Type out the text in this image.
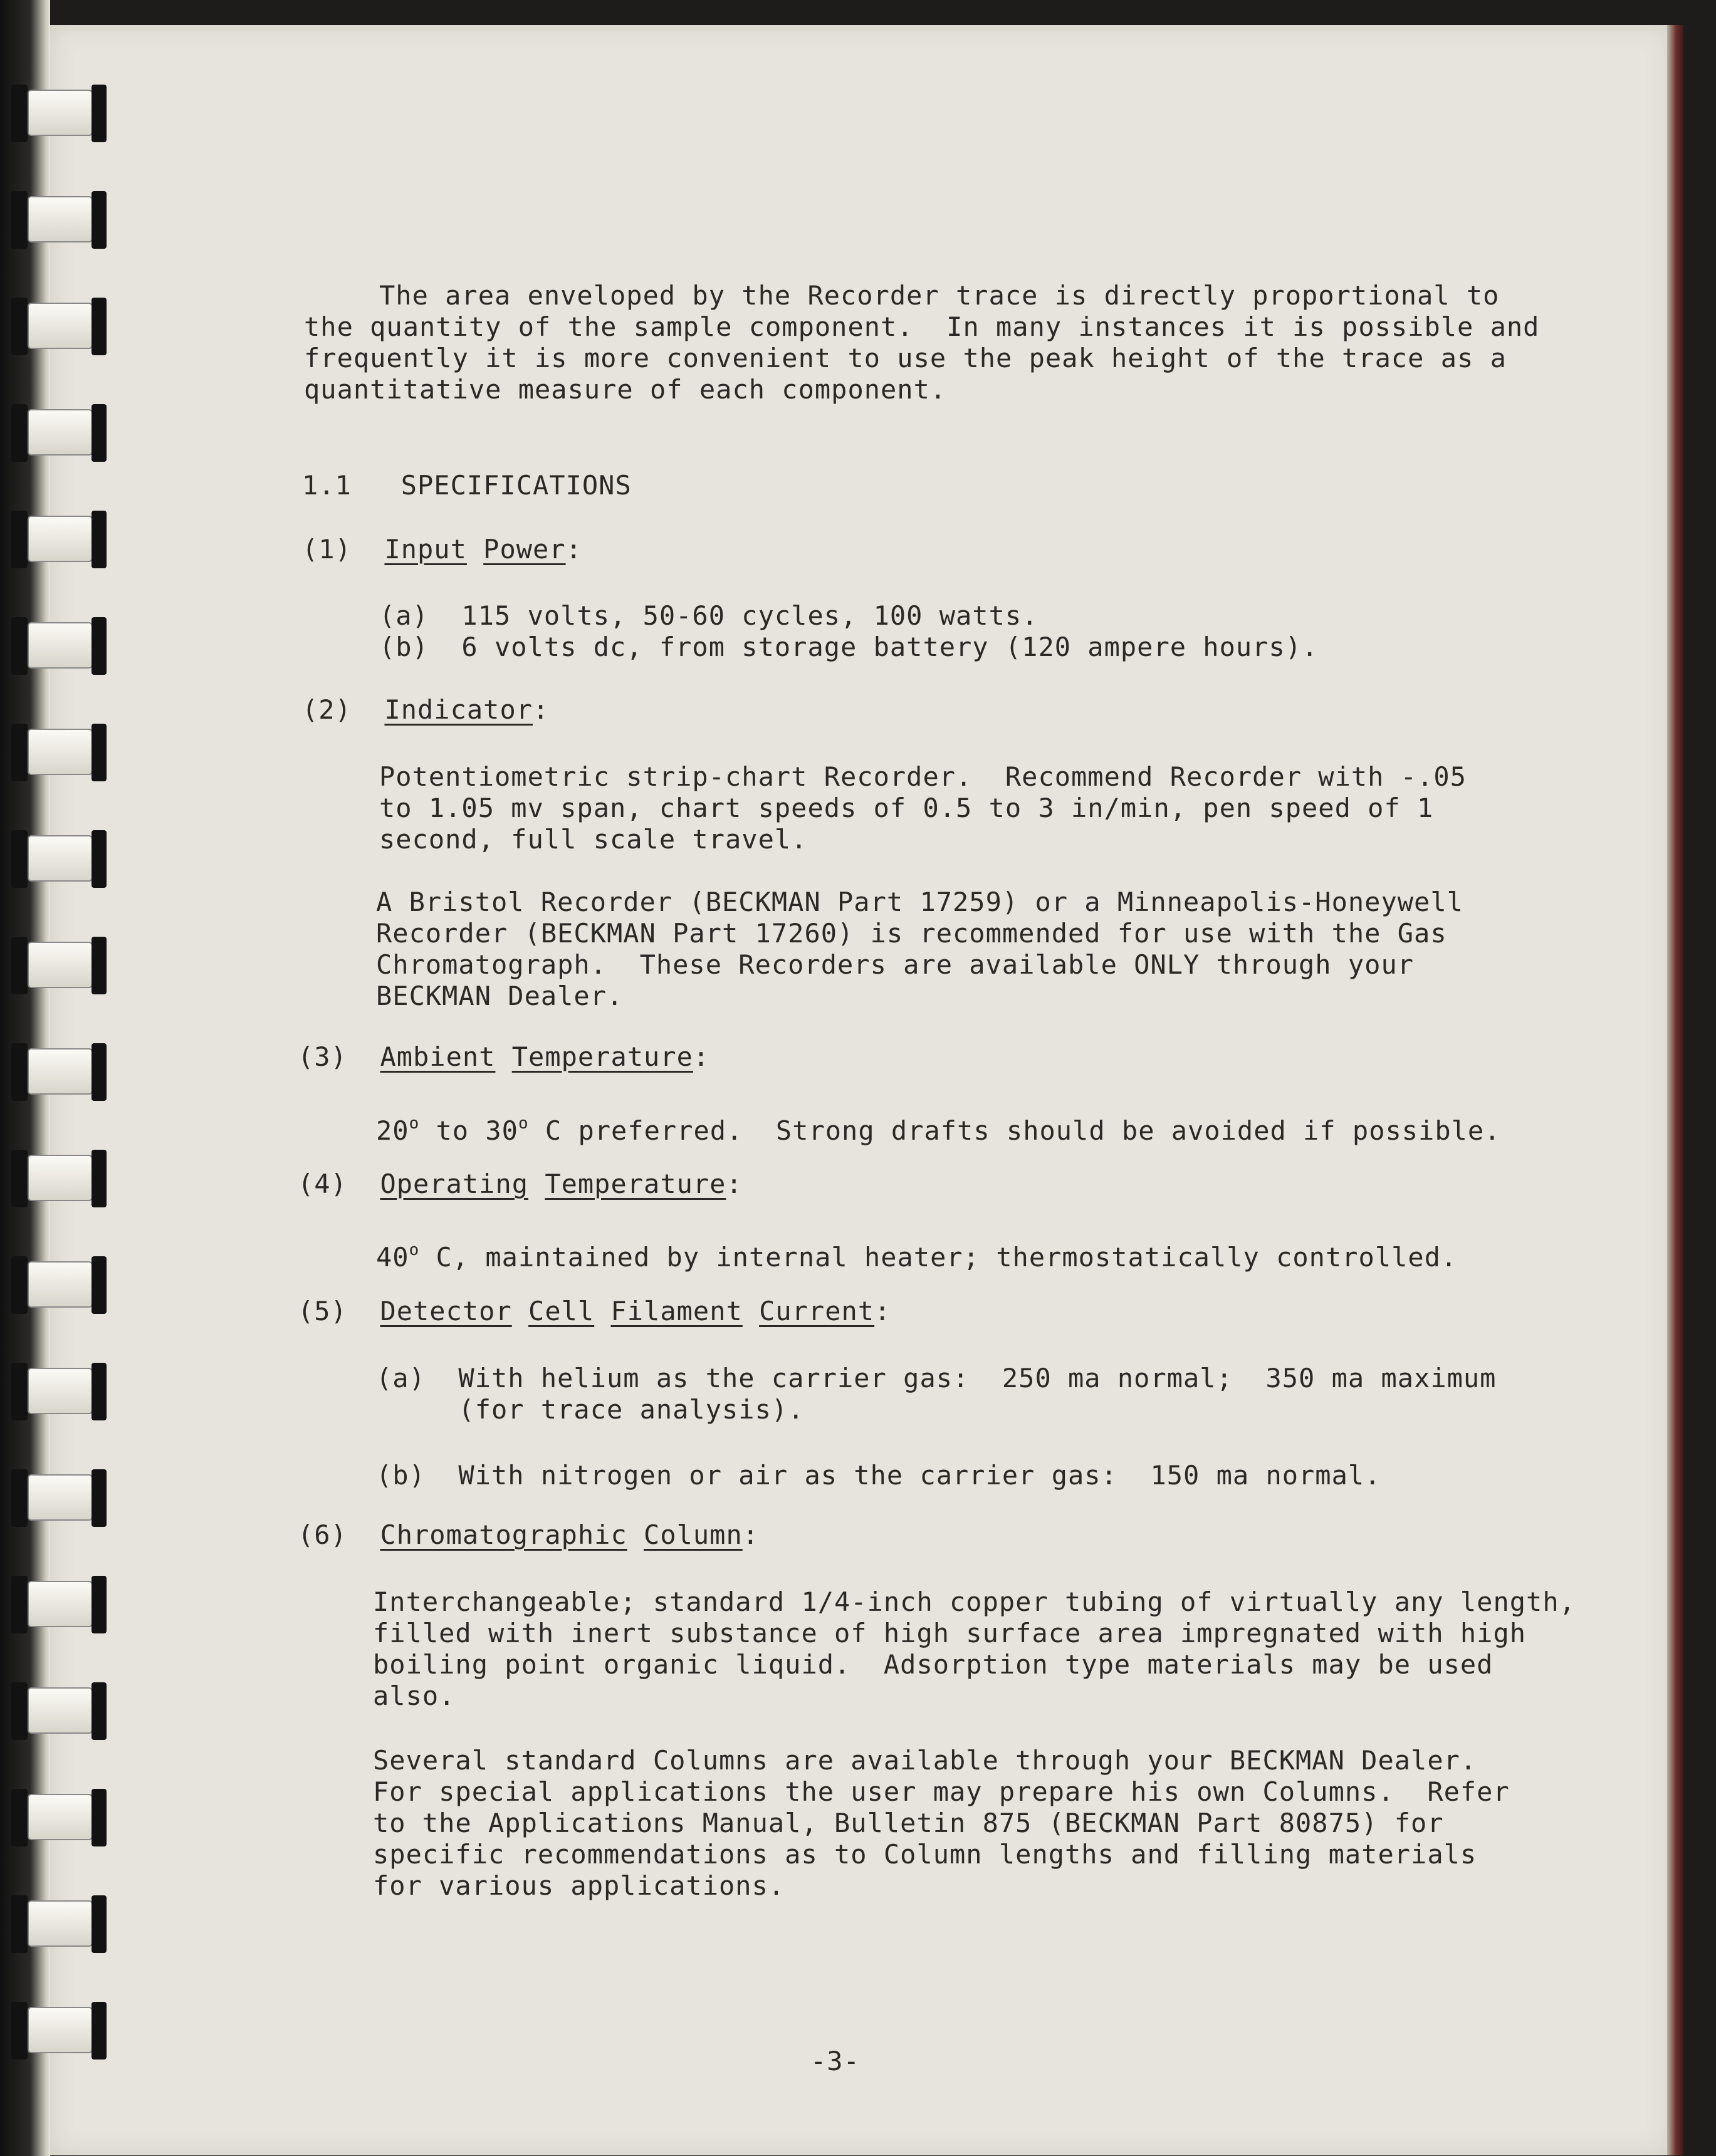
The area enveloped by the Recorder trace is directly proportional to
the quantity of the sample component.  In many instances it is possible and
frequently it is more convenient to use the peak height of the trace as a
quantitative measure of each component.
1.1 SPECIFICATIONS
(1) Input Power:
(a)  115 volts, 50-60 cycles, 100 watts.
(b)  6 volts dc, from storage battery (120 ampere hours).
(2) Indicator:
Potentiometric strip-chart Recorder.  Recommend Recorder with -.05
to 1.05 mv span, chart speeds of 0.5 to 3 in/min, pen speed of 1
second, full scale travel.
A Bristol Recorder (BECKMAN Part 17259) or a Minneapolis-Honeywell
Recorder (BECKMAN Part 17260) is recommended for use with the Gas
Chromatograph.  These Recorders are available ONLY through your
BECKMAN Dealer.
(3) Ambient Temperature:
20$^o$ to 30$^o$ C preferred.  Strong drafts should be avoided if possible.
(4) Operating Temperature:
40$^o$ C, maintained by internal heater; thermostatically controlled.
(5) Detector Cell Filament Current:
(a)  With helium as the carrier gas:  250 ma normal;  350 ma maximum
(for trace analysis).
(b)  With nitrogen or air as the carrier gas:  150 ma normal.
(6) Chromatographic Column:
Interchangeable; standard 1/4-inch copper tubing of virtually any length,
filled with inert substance of high surface area impregnated with high
boiling point organic liquid.  Adsorption type materials may be used
also.
Several standard Columns are available through your BECKMAN Dealer.
For special applications the user may prepare his own Columns.  Refer
to the Applications Manual, Bulletin 875 (BECKMAN Part 80875) for
specific recommendations as to Column lengths and filling materials
for various applications.
-3-
